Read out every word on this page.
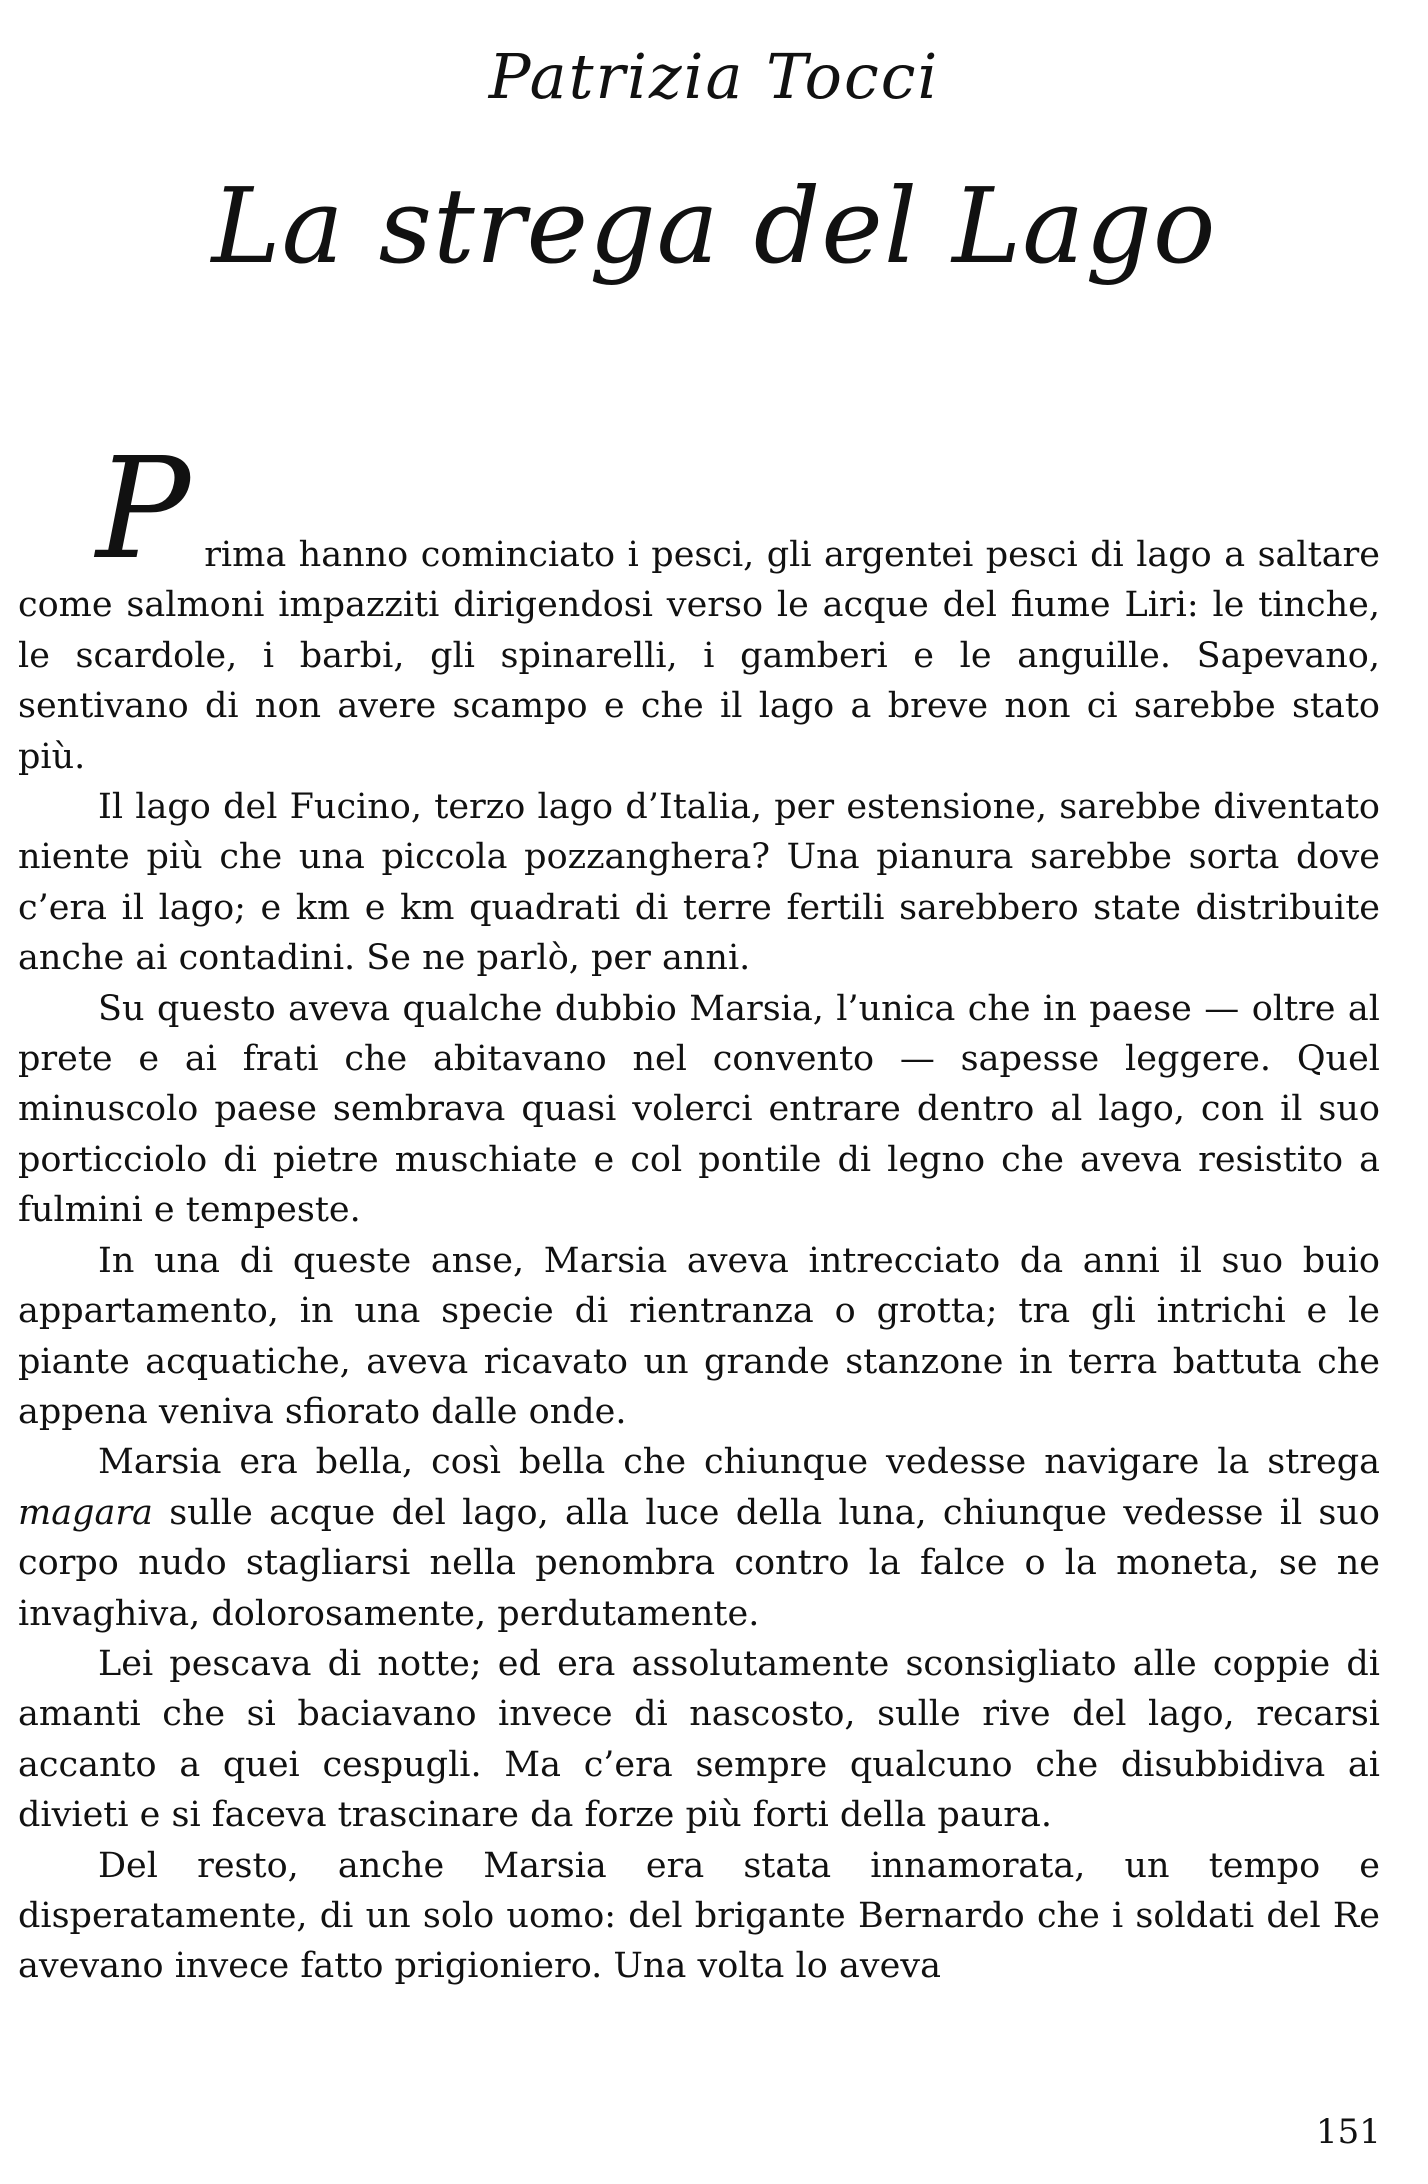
Patrizia Tocci
La strega del Lago

Prima hanno cominciato i pesci, gli argentei pesci di lago a saltare come salmoni impazziti dirigendosi verso le acque del fiume Liri: le tinche, le scardole, i barbi, gli spinarelli, i gamberi e le anguille. Sapevano, sentivano di non avere scampo e che il lago a breve non ci sarebbe stato più.

Il lago del Fucino, terzo lago d’Italia, per estensione, sarebbe diventato niente più che una piccola pozzanghera? Una pianura sarebbe sorta dove c’era il lago; e km e km quadrati di terre fertili sarebbero state distribuite anche ai contadini. Se ne parlò, per anni.

Su questo aveva qualche dubbio Marsia, l’unica che in paese — oltre al prete e ai frati che abitavano nel convento — sapesse leggere. Quel minuscolo paese sembrava quasi volerci entrare dentro al lago, con il suo porticciolo di pietre muschiate e col pontile di legno che aveva resistito a fulmini e tempeste.

In una di queste anse, Marsia aveva intrecciato da anni il suo buio appartamento, in una specie di rientranza o grotta; tra gli intrichi e le piante acquatiche, aveva ricavato un grande stanzone in terra battuta che appena veniva sfiorato dalle onde.

Marsia era bella, così bella che chiunque vedesse navigare la strega magara sulle acque del lago, alla luce della luna, chiunque vedesse il suo corpo nudo stagliarsi nella penombra contro la falce o la moneta, se ne invaghiva, dolorosamente, perdutamente.

Lei pescava di notte; ed era assolutamente sconsigliato alle coppie di amanti che si baciavano invece di nascosto, sulle rive del lago, recarsi accanto a quei cespugli. Ma c’era sempre qualcuno che disubbidiva ai divieti e si faceva trascinare da forze più forti della paura.

Del resto, anche Marsia era stata innamorata, un tempo e disperatamente, di un solo uomo: del brigante Bernardo che i soldati del Re avevano invece fatto prigioniero. Una volta lo aveva

151
